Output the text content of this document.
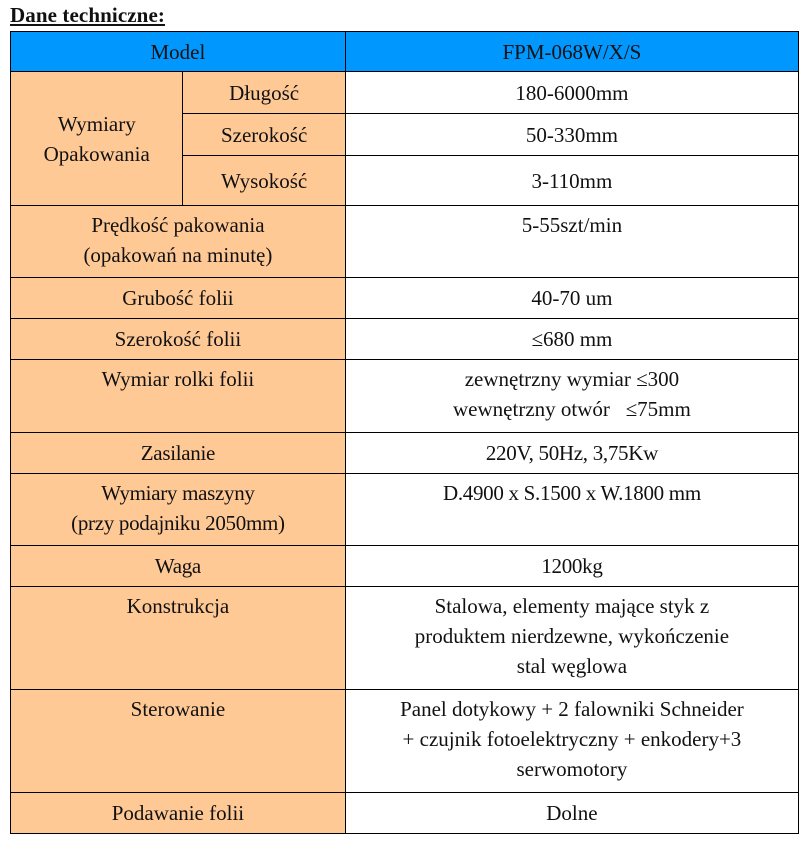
Dane techniczne:
Model		FPM-068W/X/S

Wymiary
Opakowania	Długość	180-6000mm
	Szerokość	50-330mm
	Wysokość	3-110mm

Prędkość pakowania
(opakowań na minutę)		5-55szt/min

Grubość folii		40-70 um
Szerokość folii		≤680 mm

Wymiar rolki folii		zewnętrzny wymiar ≤300
wewnętrzny otwór   ≤75mm

Zasilanie		220V, 50Hz, 3,75Kw

Wymiary maszyny
(przy podajniku 2050mm)		D.4900 x S.1500 x W.1800 mm

Waga		1200kg

Konstrukcja		Stalowa, elementy mające styk z
produktem nierdzewne, wykończenie
stal węglowa

Sterowanie		Panel dotykowy + 2 falowniki Schneider
+ czujnik fotoelektryczny + enkodery+3
serwomotory

Podawanie folii		Dolne
